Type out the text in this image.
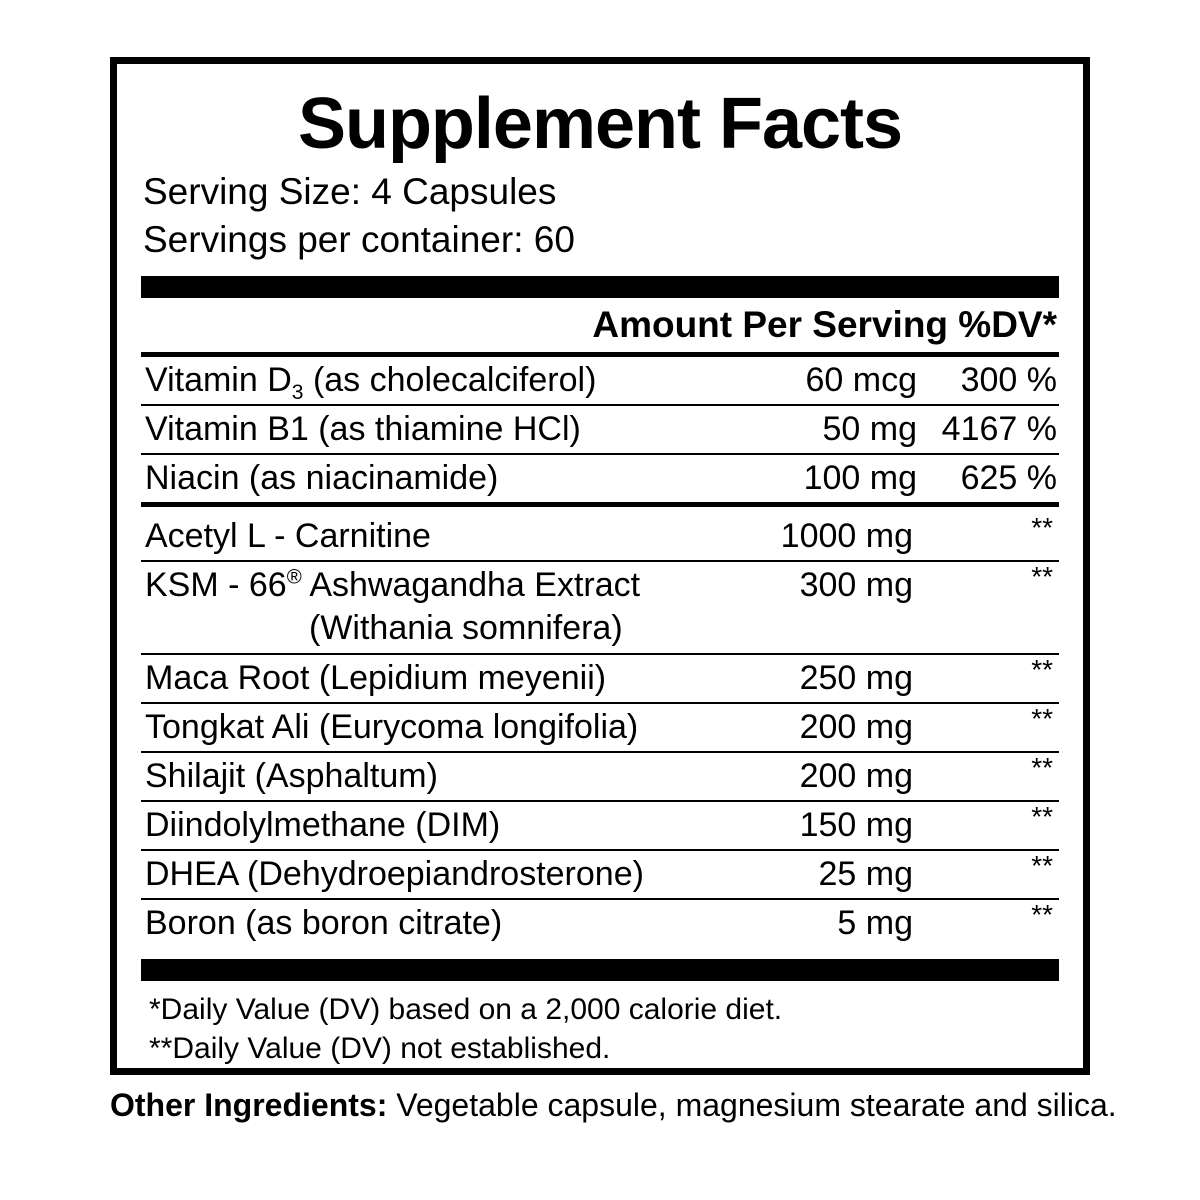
Supplement Facts
Serving Size: 4 Capsules
Servings per container: 60
Amount Per Serving %DV*
Vitamin $D_3$ (as cholecalciferol)	60 mcg	300 %
Vitamin B1 (as thiamine HCl)	50 mg 4167 %
Niacin (as niacinamide)	100 mg	625 %
Acetyl L - Carnitine	1000 mg	**
KSM - 66® Ashwagandha Extract	300 mg	**
(Withania somnifera)
Maca Root (Lepidium meyenii)	250 mg	**
Tongkat Ali (Eurycoma longifolia)	200 mg	**
Shilajit (Asphaltum)	200 mg	**
Diindolylmethane (DIM)	150 mg	**
DHEA (Dehydroepiandrosterone)	25 mg	**
Boron (as boron citrate)	5 mg	**
*Daily Value (DV) based on a 2,000 calorie diet.
**Daily Value (DV) not established.
Other Ingredients: Vegetable capsule, magnesium stearate and silica.
